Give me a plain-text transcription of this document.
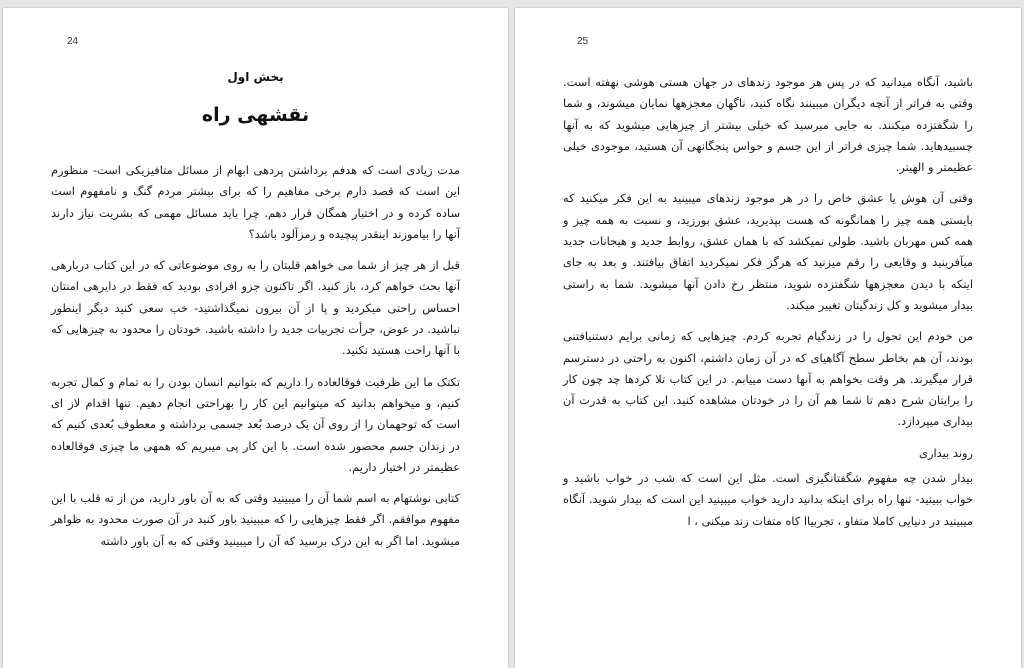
24
بخش اول
نقشهی راه

مدت زیادی است که هدفم برداشتن پردهی ابهام از مسائل متافیزیکی است- منظورم این است که قصد دارم برخی مفاهیم را که برای بیشتر مردم گنگ و نامفهوم است ساده کرده و در اختیار همگان قرار دهم. چرا باید مسائل مهمی که بشریت نیاز دارند آنها را بیاموزند اینقدر پیچیده و رمزآلود باشد؟

قبل از هر چیز از شما می خواهم قلبتان را به روی موضوعاتی که در این کتاب دربارهی آنها بحث خواهم کرد، باز کنید. اگر تاکنون جزو افرادی بودید که فقط در دایرهی امنتان احساس راحتی میکردید و پا از آن بیرون نمیگذاشتید- خب سعی کنید دیگر اینطور نباشید. در عوض، جرأت تجربیات جدید را داشته باشید. خودتان را محدود به چیزهایی که با آنها راحت هستید نکنید.

تکتک ما این ظرفیت فوقالعاده را داریم که بتوانیم انسان بودن را به تمام و کمال تجربه کنیم، و میخواهم بدانید که میتوانیم این کار را بهراحتی انجام دهیم. تنها اقدام لاز ای است که توجهمان را از روی آن یک درصد بُعد جسمی برداشته و معطوف بُعدی کنیم که در زندان جسم محصور شده است. با این کار پی میبریم که همهی ما چیزی فوقالعاده عظیمتر در اختیار داریم.

کتابی نوشتهام به اسم شما آن را میبینید وقتی که به آن باور دارید، من از ته قلب با این مفهوم موافقم. اگر فقط چیزهایی را که میبینید باور کنید در آن صورت محدود به ظواهر میشوید. اما اگر به این درک برسید که آن را میبینید وقتی که به آن باور داشته

25

باشید، آنگاه میدانید که در پس هر موجود زندهای در جهان هستی هوشی نهفته است. وقتی به فراتر از آنچه دیگران میبینند نگاه کنید، ناگهان معجزهها نمایان میشوند، و شما را شگفتزده میکنند. به جایی میرسید که خیلی بیشتر از چیزهایی میشوید که به آنها چسبیدهاید. شما چیزی فراتر از این جسم و حواس پنجگانهی آن هستید، موجودی خیلی عظیمتر و الهیتر.

وقتی آن هوش یا عشق خاص را در هر موجود زندهای میبینید به این فکر میکنید که بایستی همه چیز را همانگونه که هست بپذیرید، عشق بورزید، و نسبت به همه چیز و همه کس مهربان باشید. طولی نمیکشد که با همان عشق، روابط جدید و هیجانات جدید میآفرینید و وقایعی را رقم میزنید که هرگز فکر نمیکردید اتفاق بیافتند. و بعد به جای اینکه با دیدن معجزهها شگفتزده شوید، منتظر رخ دادن آنها میشوید. شما به راستی بیدار میشوید و کل زندگیتان تغییر میکند.

من خودم این تحول را در زندگیام تجربه کردم. چیزهایی که زمانی برایم دستنیافتنی بودند، آن هم بخاطر سطح آگاهیای که در آن زمان داشتم، اکنون به راحتی در دسترسم قرار میگیرند. هر وقت بخواهم به آنها دست مییابم. در این کتاب تلا کردها چد چون کار را برایتان شرح دهم تا شما هم آن را در خودتان مشاهده کنید. این کتاب به قدرت آن بیداری میپردازد.

روند بیداری

بیدار شدن چه مفهوم شگفتانگیزی است. مثل این است که شب در خواب باشید و خواب ببینید- تنها راه برای اینکه بدانید دارید خواب میبینید این است که بیدار شوید. آنگاه میبینید در دنیایی کاملا متفاو ، تجربیاا کاه متفات زند میکنی ، ا
